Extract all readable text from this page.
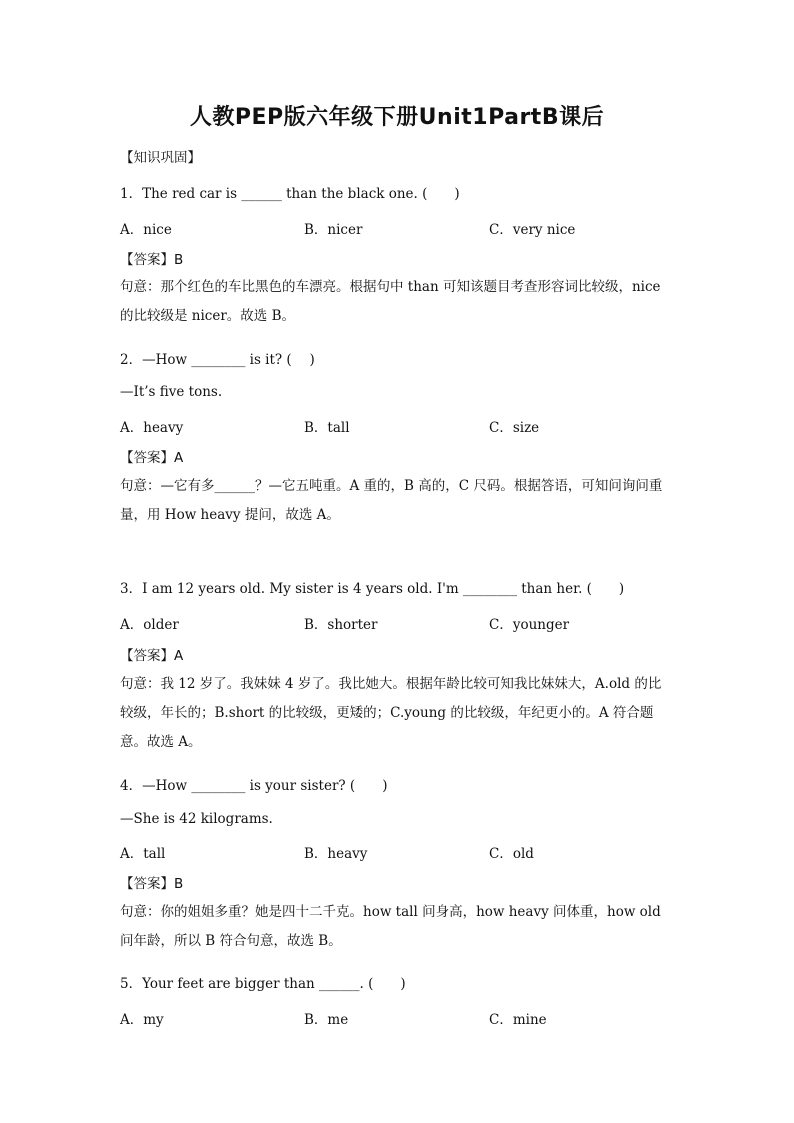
人教PEP版六年级下册Unit1PartB课后
【知识巩固】
1．The red car is ______ than the black one. (　　)
A．nice	B．nicer	C．very nice
【答案】B
句意：那个红色的车比黑色的车漂亮。根据句中 than 可知该题目考查形容词比较级，nice 的比较级是 nicer。故选 B。
2．—How ________ is it? (　 )
—It’s five tons.
A．heavy	B．tall	C．size
【答案】A
句意：—它有多______？—它五吨重。A 重的，B 高的，C 尺码。根据答语，可知问询问重量，用 How heavy 提问，故选 A。
3．I am 12 years old. My sister is 4 years old. I'm ________ than her. (　　)
A．older	B．shorter	C．younger
【答案】A
句意：我 12 岁了。我妹妹 4 岁了。我比她大。根据年龄比较可知我比妹妹大，A.old 的比较级，年长的；B.short 的比较级，更矮的；C.young 的比较级，年纪更小的。A 符合题意。故选 A。
4．—How ________ is your sister? (　　)
—She is 42 kilograms.
A．tall	B．heavy	C．old
【答案】B
句意：你的姐姐多重？她是四十二千克。how tall 问身高，how heavy 问体重，how old 问年龄，所以 B 符合句意，故选 B。
5．Your feet are bigger than ______. (　　)
A．my	B．me	C．mine
